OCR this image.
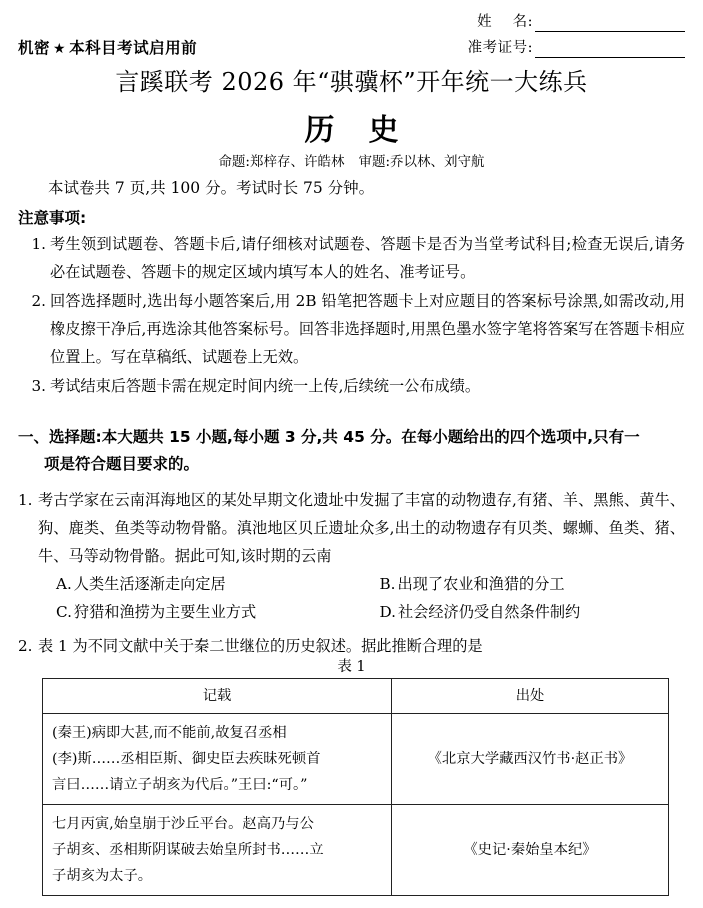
姓    名:
准考证号:
机密 ★ 本科目考试启用前
言蹊联考 2026 年“骐骥杯”开年统一大练兵
历 史
命题:郑梓存、许皓林 审题:乔以林、刘守航
本试卷共 7 页,共 100 分。考试时长 75 分钟。
注意事项:
1. 考生领到试题卷、答题卡后,请仔细核对试题卷、答题卡是否为当堂考试科目;检查无误后,请务必在试题卷、答题卡的规定区域内填写本人的姓名、准考证号。
2. 回答选择题时,选出每小题答案后,用 2B 铅笔把答题卡上对应题目的答案标号涂黑,如需改动,用橡皮擦干净后,再选涂其他答案标号。回答非选择题时,用黑色墨水签字笔将答案写在答题卡相应位置上。写在草稿纸、试题卷上无效。
3. 考试结束后答题卡需在规定时间内统一上传,后续统一公布成绩。
一、选择题:本大题共 15 小题,每小题 3 分,共 45 分。在每小题给出的四个选项中,只有一
项是符合题目要求的。
1. 考古学家在云南洱海地区的某处早期文化遗址中发掘了丰富的动物遗存,有猪、羊、黑熊、黄牛、狗、鹿类、鱼类等动物骨骼。滇池地区贝丘遗址众多,出土的动物遗存有贝类、螺蛳、鱼类、猪、牛、马等动物骨骼。据此可知,该时期的云南
A. 人类生活逐渐走向定居	B. 出现了农业和渔猎的分工
C. 狩猎和渔捞为主要生业方式	D. 社会经济仍受自然条件制约
2. 表 1 为不同文献中关于秦二世继位的历史叙述。据此推断合理的是
表 1
记载	出处

(秦王)病即大甚,而不能前,故复召丞相

(李)斯……丞相臣斯、御史臣去疾昧死顿首

言曰……请立子胡亥为代后。”王曰:“可。”	《北京大学藏西汉竹书·赵正书》

七月丙寅,始皇崩于沙丘平台。赵高乃与公

子胡亥、丞相斯阴谋破去始皇所封书……立

子胡亥为太子。	《史记·秦始皇本纪》
